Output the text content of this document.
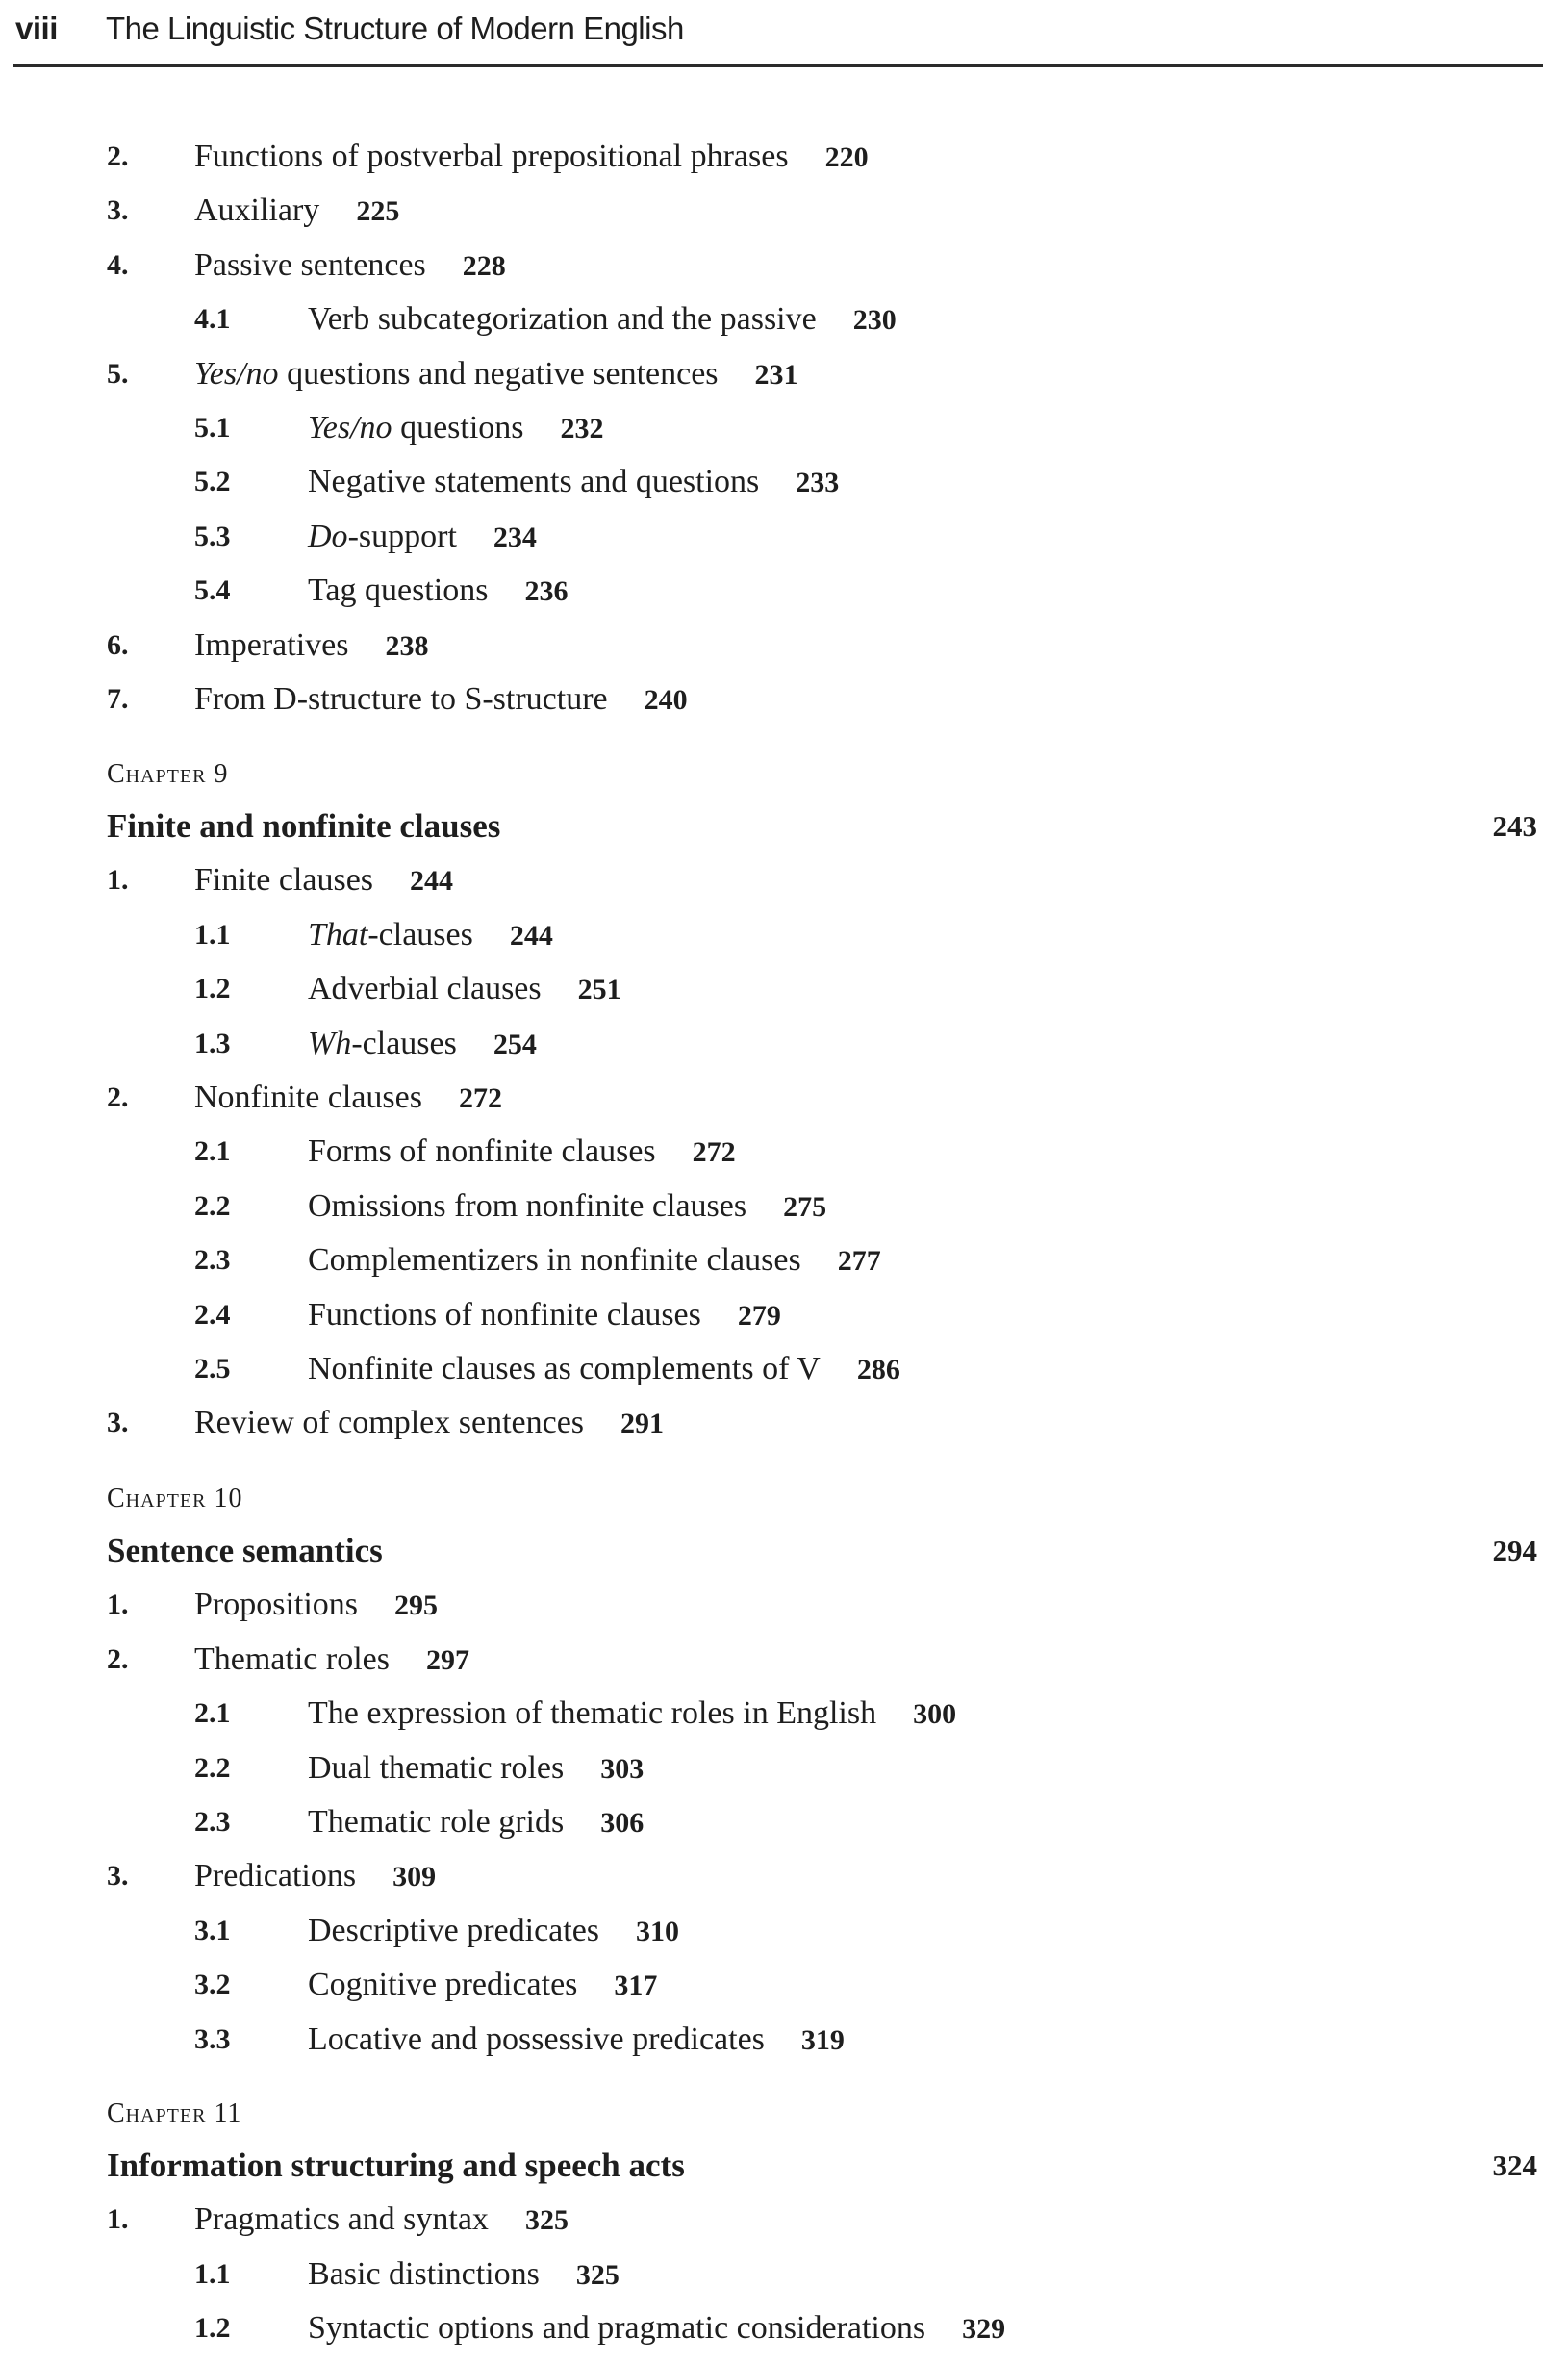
viii	The Linguistic Structure of Modern English
2. Functions of postverbal prepositional phrases 220
3. Auxiliary 225
4. Passive sentences 228
4.1 Verb subcategorization and the passive 230
5. Yes/no questions and negative sentences 231
5.1 Yes/no questions 232
5.2 Negative statements and questions 233
5.3 Do-support 234
5.4 Tag questions 236
6. Imperatives 238
7. From D-structure to S-structure 240
Chapter 9
Finite and nonfinite clauses	243
1. Finite clauses 244
1.1 That-clauses 244
1.2 Adverbial clauses 251
1.3 Wh-clauses 254
2. Nonfinite clauses 272
2.1 Forms of nonfinite clauses 272
2.2 Omissions from nonfinite clauses 275
2.3 Complementizers in nonfinite clauses 277
2.4 Functions of nonfinite clauses 279
2.5 Nonfinite clauses as complements of V 286
3. Review of complex sentences 291
Chapter 10
Sentence semantics	294
1. Propositions 295
2. Thematic roles 297
2.1 The expression of thematic roles in English 300
2.2 Dual thematic roles 303
2.3 Thematic role grids 306
3. Predications 309
3.1 Descriptive predicates 310
3.2 Cognitive predicates 317
3.3 Locative and possessive predicates 319
Chapter 11
Information structuring and speech acts	324
1. Pragmatics and syntax 325
1.1 Basic distinctions 325
1.2 Syntactic options and pragmatic considerations 329
